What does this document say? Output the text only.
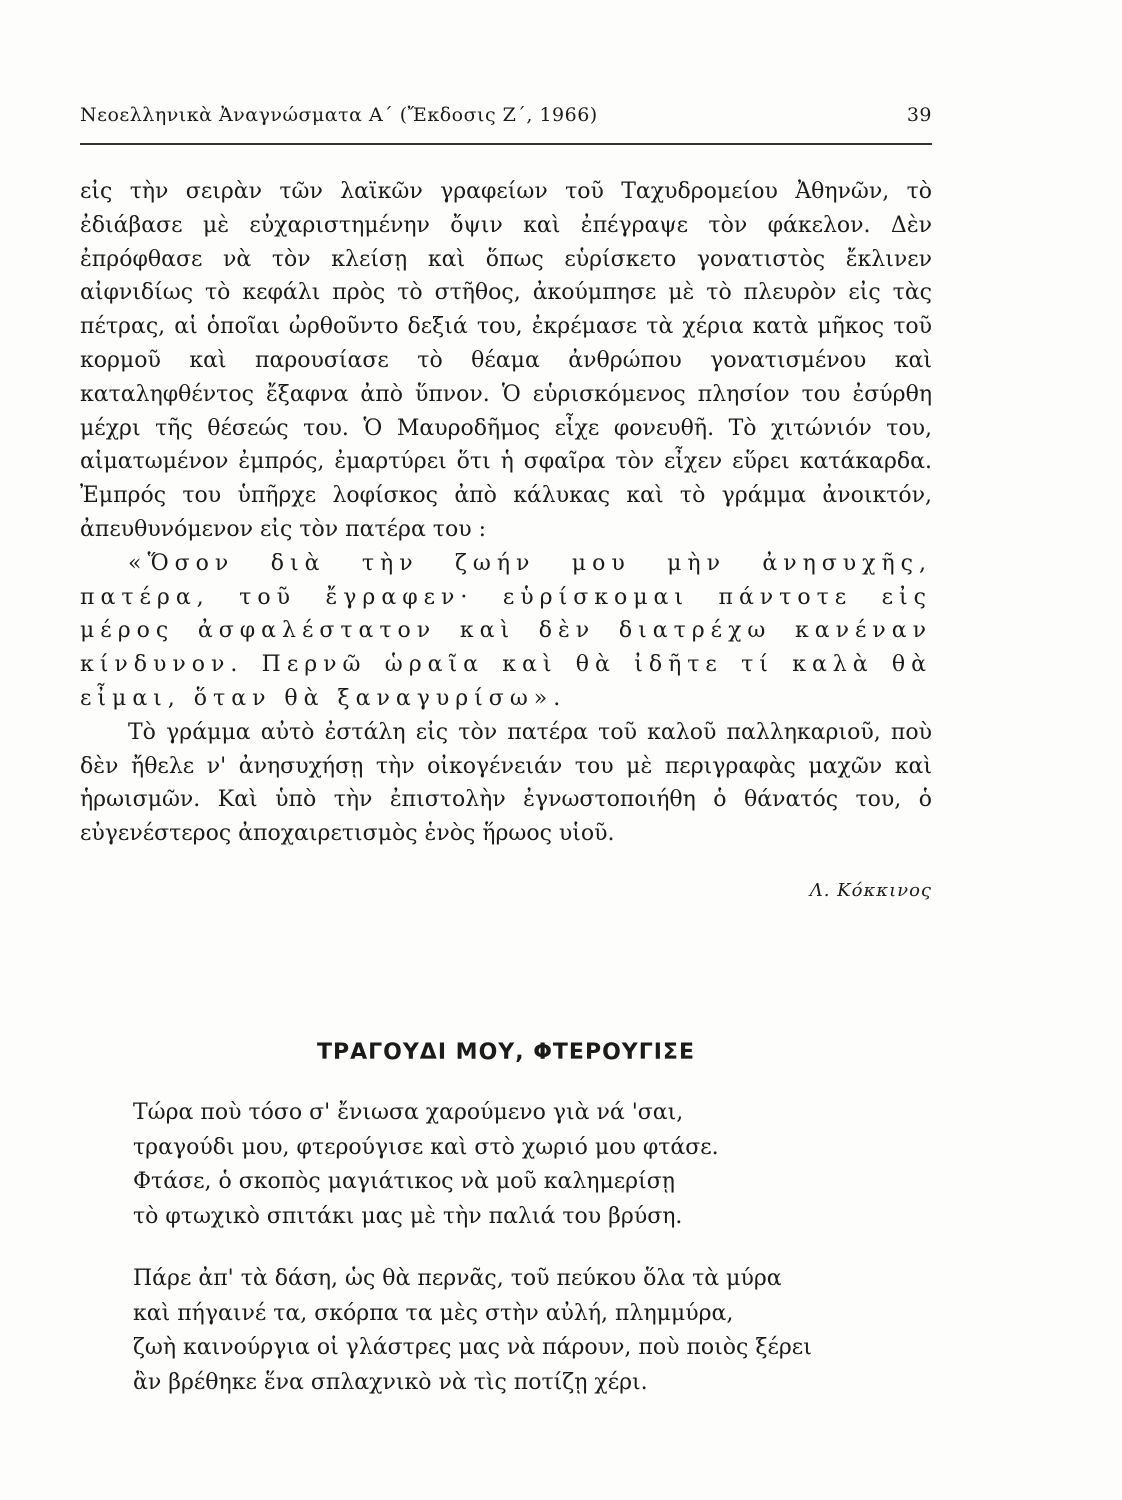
Νεοελληνικὰ Ἀναγνώσματα Α΄ (Ἔκδοσις Ζ΄, 1966)	39

εἰς τὴν σειρὰν τῶν λαϊκῶν γραφείων τοῦ Ταχυδρομείου Ἀθηνῶν, τὸ ἐδιάβασε μὲ εὐχαριστημένην ὄψιν καὶ ἐπέγραψε τὸν φάκελον. Δὲν ἐπρόφθασε νὰ τὸν κλείσῃ καὶ ὅπως εὑρίσκετο γονατιστὸς ἔκλινεν αἰφνιδίως τὸ κεφάλι πρὸς τὸ στῆθος, ἀκούμπησε μὲ τὸ πλευρὸν εἰς τὰς πέτρας, αἱ ὁποῖαι ὠρθοῦντο δεξιά του, ἐκρέμασε τὰ χέρια κατὰ μῆκος τοῦ κορμοῦ καὶ παρουσίασε τὸ θέαμα ἀνθρώπου γονατισμένου καὶ καταληφθέντος ἔξαφνα ἀπὸ ὕπνον. Ὁ εὑρισκόμενος πλησίον του ἐσύρθη μέχρι τῆς θέσεώς του. Ὁ Μαυροδῆμος εἶχε φονευθῆ. Τὸ χιτώνιόν του, αἱματωμένον ἐμπρός, ἐμαρτύρει ὅτι ἡ σφαῖρα τὸν εἶχεν εὕρει κατάκαρδα. Ἐμπρός του ὑπῆρχε λοφίσκος ἀπὸ κάλυκας καὶ τὸ γράμμα ἀνοικτόν, ἀπευθυνόμενον εἰς τὸν πατέρα του :

«Ὅσον διὰ τὴν ζωήν μου μὴν ἀνησυχῆς, πατέρα, τοῦ ἔγραφεν· εὑρίσκομαι πάντοτε εἰς μέρος ἀσφαλέστατον καὶ δὲν διατρέχω κανέναν κίνδυνον. Περνῶ ὡραῖα καὶ θὰ ἰδῆτε τί καλὰ θὰ εἶμαι, ὅταν θὰ ξαναγυρίσω».

Τὸ γράμμα αὐτὸ ἐστάλη εἰς τὸν πατέρα τοῦ καλοῦ παλληκαριοῦ, ποὺ δὲν ἤθελε ν' ἀνησυχήσῃ τὴν οἰκογένειάν του μὲ περιγραφὰς μαχῶν καὶ ἡρωισμῶν. Καὶ ὑπὸ τὴν ἐπιστολὴν ἐγνωστοποιήθη ὁ θάνατός του, ὁ εὐγενέστερος ἀποχαιρετισμὸς ἑνὸς ἥρωος υἱοῦ.

Λ. Κόκκινος
ΤΡΑΓΟΥΔΙ ΜΟΥ, ΦΤΕΡΟΥΓΙΣΕ
Τώρα ποὺ τόσο σ' ἔνιωσα χαρούμενο γιὰ νά 'σαι,
τραγούδι μου, φτερούγισε καὶ στὸ χωριό μου φτάσε.
Φτάσε, ὁ σκοπὸς μαγιάτικος νὰ μοῦ καλημερίσῃ
τὸ φτωχικὸ σπιτάκι μας μὲ τὴν παλιά του βρύση.
Πάρε ἀπ' τὰ δάση, ὡς θὰ περνᾶς, τοῦ πεύκου ὅλα τὰ μύρα
καὶ πήγαινέ τα, σκόρπα τα μὲς στὴν αὐλή, πλημμύρα,
ζωὴ καινούργια οἱ γλάστρες μας νὰ πάρουν, ποὺ ποιὸς ξέρει
ἂν βρέθηκε ἕνα σπλαχνικὸ νὰ τὶς ποτίζῃ χέρι.
